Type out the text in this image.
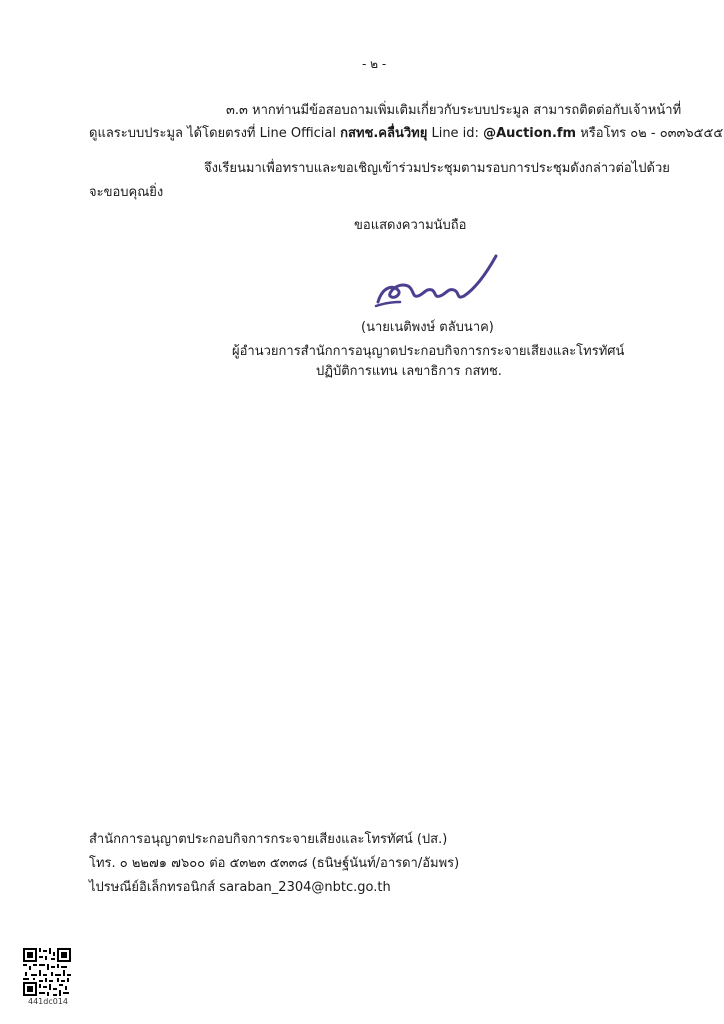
- ๒ -
๓.๓ หากท่านมีข้อสอบถามเพิ่มเติมเกี่ยวกับระบบประมูล สามารถติดต่อกับเจ้าหน้าที่
ดูแลระบบประมูล ได้โดยตรงที่ Line Official กสทช.คลื่นวิทยุ Line id: @Auction.fm หรือโทร ๐๒ - ๐๓๓๖๕๕๕
จึงเรียนมาเพื่อทราบและขอเชิญเข้าร่วมประชุมตามรอบการประชุมดังกล่าวต่อไปด้วย
จะขอบคุณยิ่ง
ขอแสดงความนับถือ
(นายเนติพงษ์ ตลับนาค)
ผู้อำนวยการสำนักการอนุญาตประกอบกิจการกระจายเสียงและโทรทัศน์
ปฏิบัติการแทน เลขาธิการ กสทช.
สำนักการอนุญาตประกอบกิจการกระจายเสียงและโทรทัศน์ (ปส.)
โทร. ๐ ๒๒๗๑ ๗๖๐๐ ต่อ ๕๓๒๓ ๕๓๓๘ (ธนิษฐ์นันท์/อารดา/อัมพร)
ไปรษณีย์อิเล็กทรอนิกส์ saraban_2304@nbtc.go.th
441dc014
